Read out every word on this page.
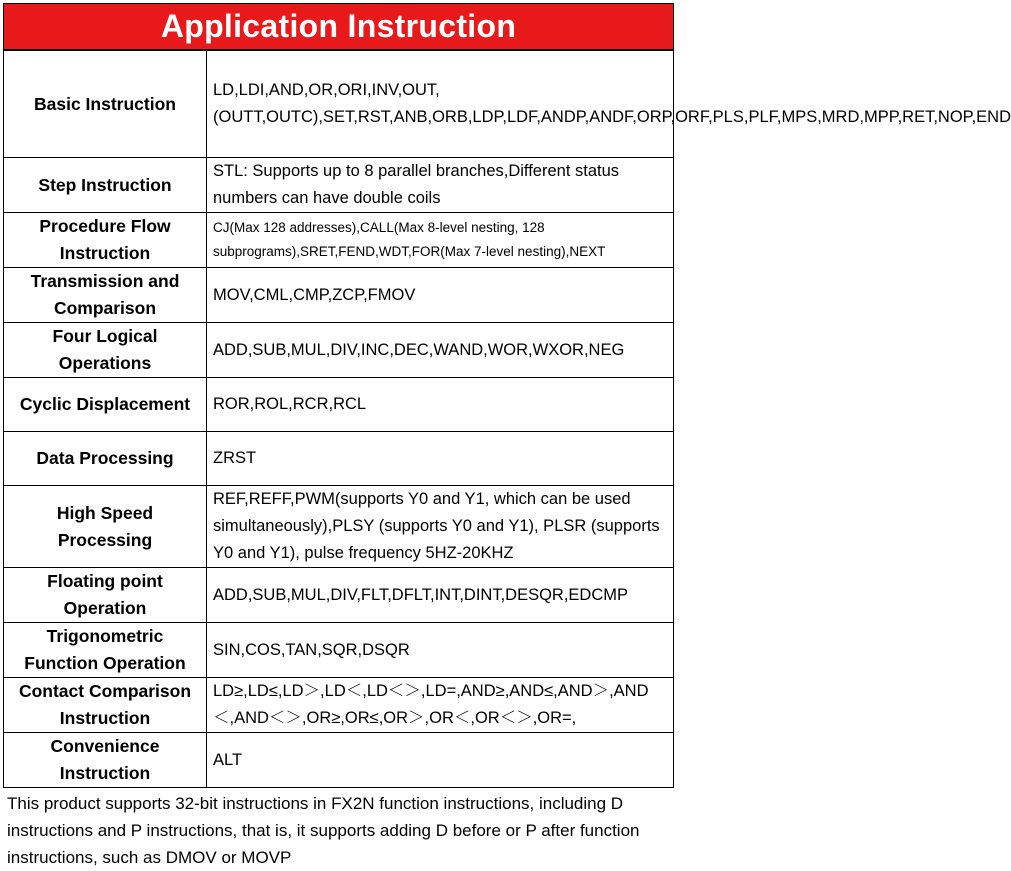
Application Instruction
Basic Instruction	LD,LDI,AND,OR,ORI,INV,OUT,(OUTT,OUTC),SET,RST,ANB,ORB,LDP,LDF,ANDP,ANDF,ORP,ORF,PLS,PLF,MPS,MRD,MPP,RET,NOP,END
Step Instruction	STL: Supports up to 8 parallel branches,Different status numbers can have double coils
Procedure Flow Instruction	CJ(Max 128 addresses),CALL(Max 8-level nesting, 128 subprograms),SRET,FEND,WDT,FOR(Max 7-level nesting),NEXT
Transmission and Comparison	MOV,CML,CMP,ZCP,FMOV
Four Logical Operations	ADD,SUB,MUL,DIV,INC,DEC,WAND,WOR,WXOR,NEG
Cyclic Displacement	ROR,ROL,RCR,RCL
Data Processing	ZRST
High Speed Processing	REF,REFF,PWM(supports Y0 and Y1, which can be used simultaneously),PLSY (supports Y0 and Y1), PLSR (supports Y0 and Y1), pulse frequency 5HZ-20KHZ
Floating point Operation	ADD,SUB,MUL,DIV,FLT,DFLT,INT,DINT,DESQR,EDCMP
Trigonometric Function Operation	SIN,COS,TAN,SQR,DSQR
Contact Comparison Instruction	LD≥,LD≤,LD＞,LD＜,LD＜＞,LD=,AND≥,AND≤,AND＞,AND＜,AND＜＞,OR≥,OR≤,OR＞,OR＜,OR＜＞,OR=,
Convenience Instruction	ALT
This product supports 32-bit instructions in FX2N function instructions, including D instructions and P instructions, that is, it supports adding D before or P after function instructions, such as DMOV or MOVP
